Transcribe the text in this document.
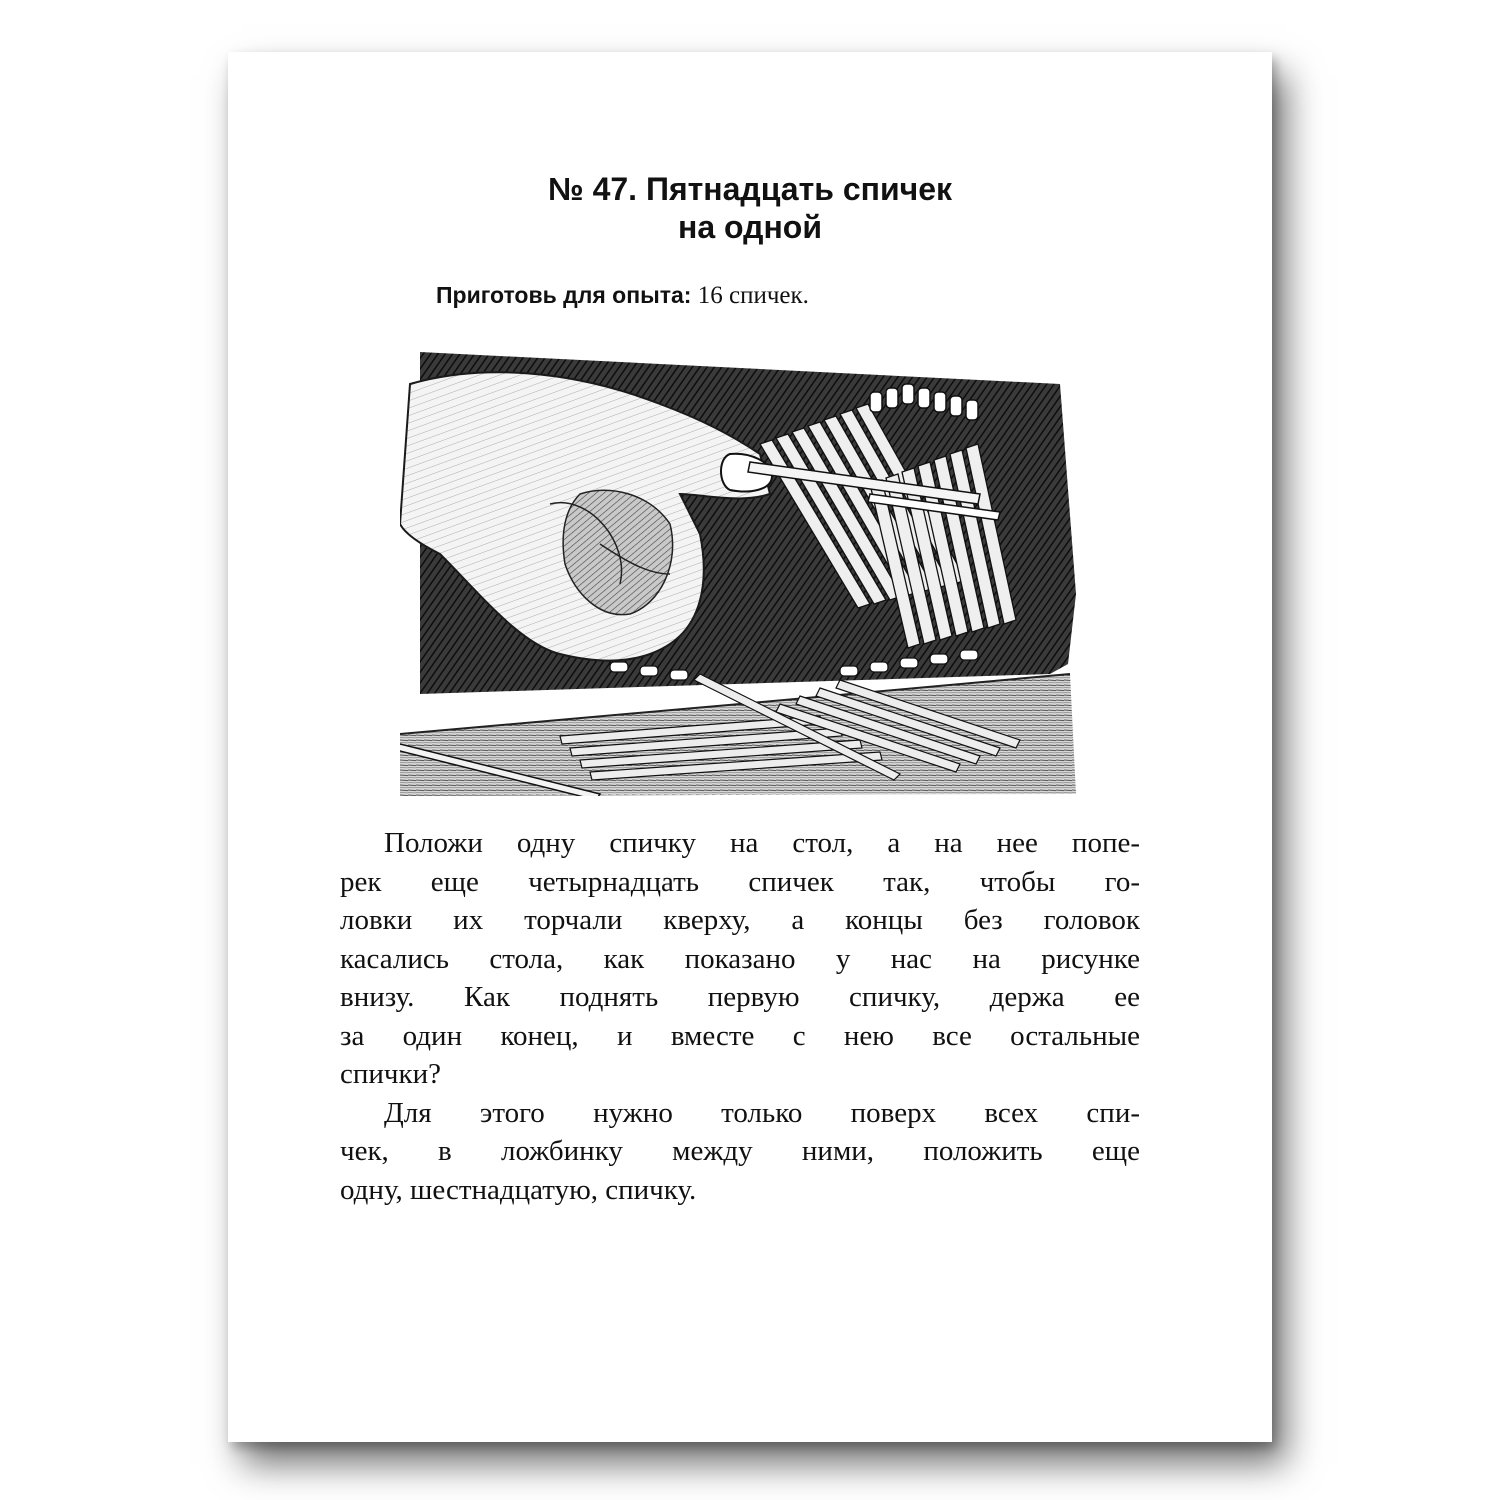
№ 47. Пятнадцать спичек
на одной
Приготовь для опыта: 16 спичек.
Положи одну спичку на стол, а на нее попе-
рек еще четырнадцать спичек так, чтобы го-
ловки их торчали кверху, а концы без головок
касались стола, как показано у нас на рисунке
внизу. Как поднять первую спичку, держа ее
за один конец, и вместе с нею все остальные
спички?
Для этого нужно только поверх всех спи-
чек, в ложбинку между ними, положить еще
одну, шестнадцатую, спичку.
